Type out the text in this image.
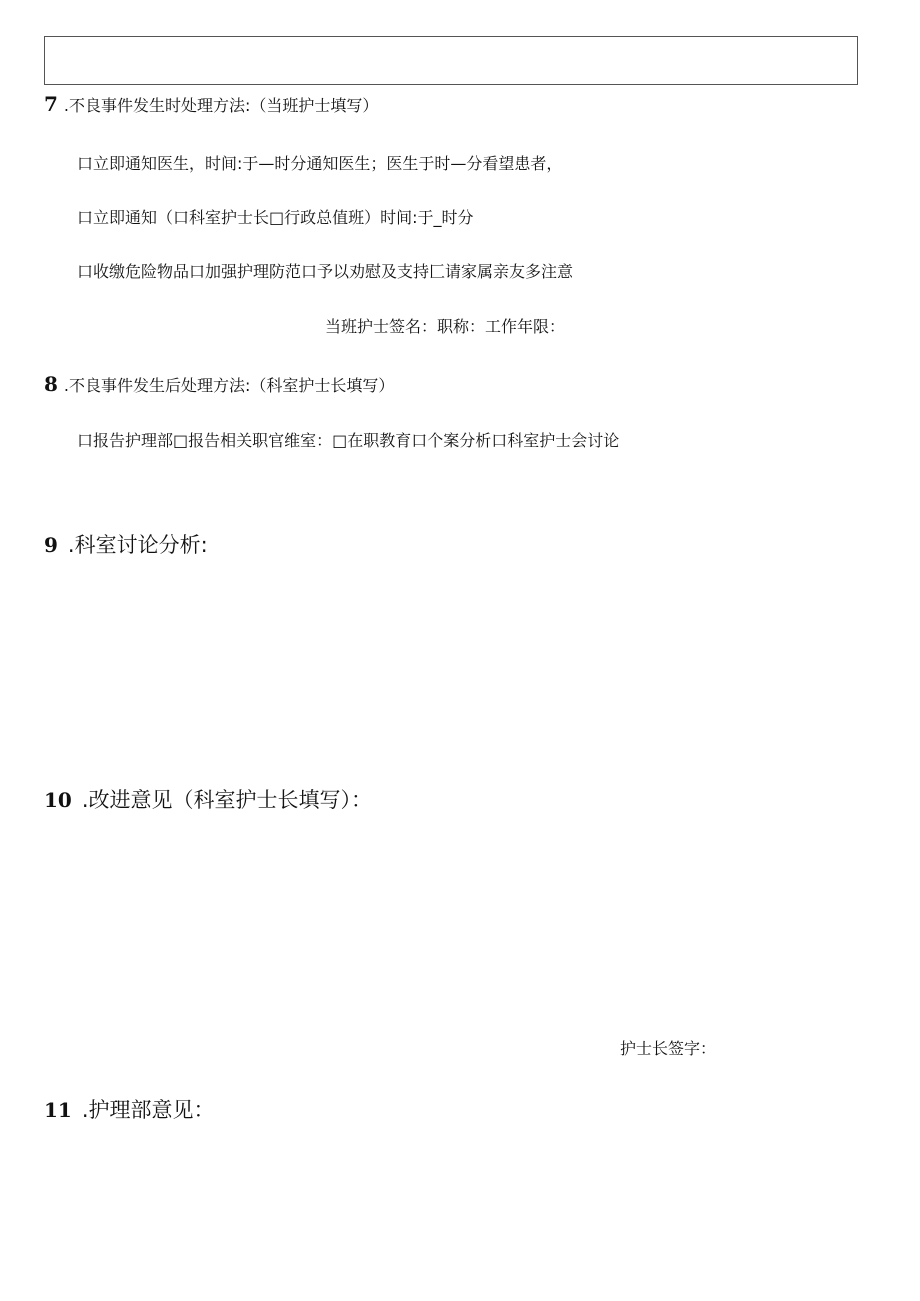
7 .不良事件发生时处理方法:（当班护士填写）
口立即通知医生，时间:于—时分通知医生；医生于时—分看望患者，
口立即通知（口科室护士长□行政总值班）时间:于_时分
口收缴危险物品口加强护理防范口予以劝慰及支持匚请家属亲友多注意
当班护士签名：职称：工作年限：
8 .不良事件发生后处理方法:（科室护士长填写）
口报告护理部□报告相关职官维室：□在职教育口个案分析口科室护士会讨论
9 .科室讨论分析:
10 .改进意见（科室护士长填写）：
护士长签字：
11 .护理部意见：
